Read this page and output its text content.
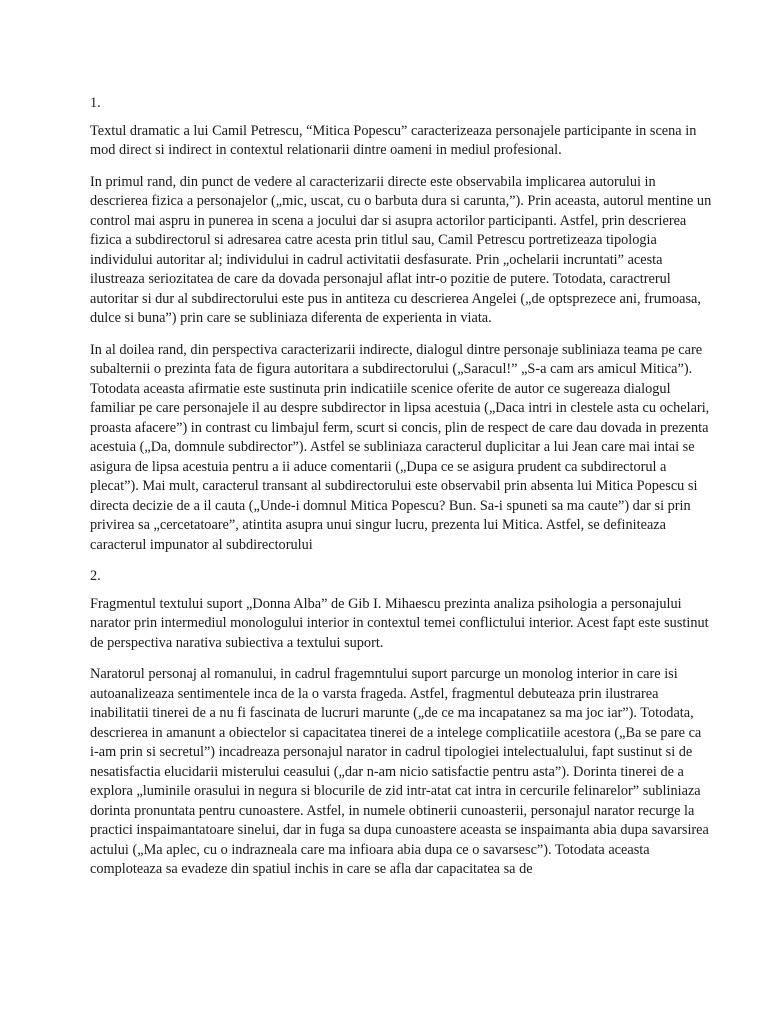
1.

Textul dramatic a lui Camil Petrescu, “Mitica Popescu” caracterizeaza personajele participante in scena in mod direct si indirect in contextul relationarii dintre oameni in mediul profesional.

In primul rand, din punct de vedere al caracterizarii directe este observabila implicarea autorului in descrierea fizica a personajelor („mic, uscat, cu o barbuta dura si carunta,”). Prin aceasta, autorul mentine un control mai aspru in punerea in scena a jocului dar si asupra actorilor participanti. Astfel, prin descrierea fizica a subdirectorul si adresarea catre acesta prin titlul sau, Camil Petrescu portretizeaza tipologia individului autoritar al; individului in cadrul activitatii desfasurate. Prin „ochelarii incruntati” acesta ilustreaza seriozitatea de care da dovada personajul aflat intr-o pozitie de putere. Totodata, caractrerul autoritar si dur al subdirectorului este pus in antiteza cu descrierea Angelei („de optsprezece ani, frumoasa, dulce si buna”) prin care se subliniaza diferenta de experienta in viata.

In al doilea rand, din perspectiva caracterizarii indirecte, dialogul dintre personaje subliniaza teama pe care subalternii o prezinta fata de figura autoritara a subdirectorului („Saracul!” „S-a cam ars amicul Mitica”). Totodata aceasta afirmatie este sustinuta prin indicatiile scenice oferite de autor ce sugereaza dialogul familiar pe care personajele il au despre subdirector in lipsa acestuia („Daca intri in clestele asta cu ochelari, proasta afacere”) in contrast cu limbajul ferm, scurt si concis, plin de respect de care dau dovada in prezenta acestuia („Da, domnule subdirector”). Astfel se subliniaza caracterul duplicitar a lui Jean care mai intai se asigura de lipsa acestuia pentru a ii aduce comentarii („Dupa ce se asigura prudent ca subdirectorul a plecat”). Mai mult, caracterul transant al subdirectorului este observabil prin absenta lui Mitica Popescu si directa decizie de a il cauta („Unde-i domnul Mitica Popescu? Bun. Sa-i spuneti sa ma caute”) dar si prin privirea sa „cercetatoare”, atintita asupra unui singur lucru, prezenta lui Mitica. Astfel, se definiteaza caracterul impunator al subdirectorului

2.

Fragmentul textului suport „Donna Alba” de Gib I. Mihaescu prezinta analiza psihologia a personajului narator prin intermediul monologului interior in contextul temei conflictului interior. Acest fapt este sustinut de perspectiva narativa subiectiva a textului suport.

Naratorul personaj al romanului, in cadrul fragemntului suport parcurge un monolog interior in care isi autoanalizeaza sentimentele inca de la o varsta frageda. Astfel, fragmentul debuteaza prin ilustrarea inabilitatii tinerei de a nu fi fascinata de lucruri marunte („de ce ma incapatanez sa ma joc iar”). Totodata, descrierea in amanunt a obiectelor si capacitatea tinerei de a intelege complicatiile acestora („Ba se pare ca i-am prin si secretul”) incadreaza personajul narator in cadrul tipologiei intelectualului, fapt sustinut si de nesatisfactia elucidarii misterului ceasului („dar n-am nicio satisfactie pentru asta”). Dorinta tinerei de a explora „luminile orasului in negura si blocurile de zid intr-atat cat intra in cercurile felinarelor” subliniaza dorinta pronuntata pentru cunoastere. Astfel, in numele obtinerii cunoasterii, personajul narator recurge la practici inspaimantatoare sinelui, dar in fuga sa dupa cunoastere aceasta se inspaimanta abia dupa savarsirea actului („Ma aplec, cu o indrazneala care ma infioara abia dupa ce o savarsesc”). Totodata aceasta comploteaza sa evadeze din spatiul inchis in care se afla dar capacitatea sa de
